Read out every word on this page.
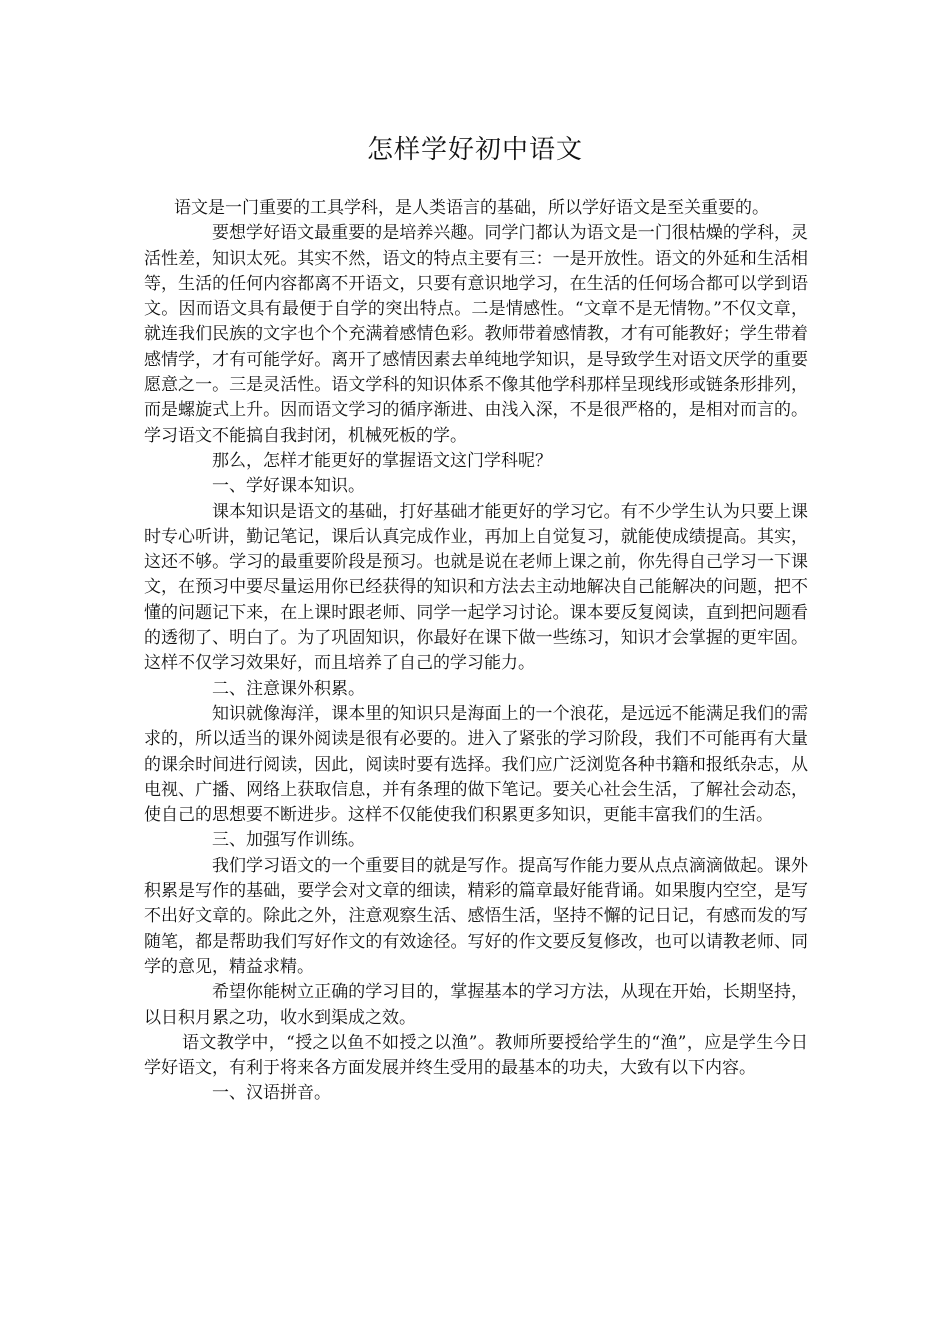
怎样学好初中语文

语文是一门重要的工具学科，是人类语言的基础，所以学好语文是至关重要的。

要想学好语文最重要的是培养兴趣。同学门都认为语文是一门很枯燥的学科，灵活性差，知识太死。其实不然，语文的特点主要有三：一是开放性。语文的外延和生活相等，生活的任何内容都离不开语文，只要有意识地学习，在生活的任何场合都可以学到语文。因而语文具有最便于自学的突出特点。二是情感性。“文章不是无情物。”不仅文章，就连我们民族的文字也个个充满着感情色彩。教师带着感情教，才有可能教好；学生带着感情学，才有可能学好。离开了感情因素去单纯地学知识，是导致学生对语文厌学的重要愿意之一。三是灵活性。语文学科的知识体系不像其他学科那样呈现线形或链条形排列，而是螺旋式上升。因而语文学习的循序渐进、由浅入深，不是很严格的，是相对而言的。学习语文不能搞自我封闭，机械死板的学。

那么，怎样才能更好的掌握语文这门学科呢？

一、学好课本知识。

课本知识是语文的基础，打好基础才能更好的学习它。有不少学生认为只要上课时专心听讲，勤记笔记，课后认真完成作业，再加上自觉复习，就能使成绩提高。其实，这还不够。学习的最重要阶段是预习。也就是说在老师上课之前，你先得自己学习一下课文，在预习中要尽量运用你已经获得的知识和方法去主动地解决自己能解决的问题，把不懂的问题记下来，在上课时跟老师、同学一起学习讨论。课本要反复阅读，直到把问题看的透彻了、明白了。为了巩固知识，你最好在课下做一些练习，知识才会掌握的更牢固。这样不仅学习效果好，而且培养了自己的学习能力。

二、注意课外积累。

知识就像海洋，课本里的知识只是海面上的一个浪花，是远远不能满足我们的需求的，所以适当的课外阅读是很有必要的。进入了紧张的学习阶段，我们不可能再有大量的课余时间进行阅读，因此，阅读时要有选择。我们应广泛浏览各种书籍和报纸杂志，从电视、广播、网络上获取信息，并有条理的做下笔记。要关心社会生活，了解社会动态，使自己的思想要不断进步。这样不仅能使我们积累更多知识，更能丰富我们的生活。

三、加强写作训练。

我们学习语文的一个重要目的就是写作。提高写作能力要从点点滴滴做起。课外积累是写作的基础，要学会对文章的细读，精彩的篇章最好能背诵。如果腹内空空，是写不出好文章的。除此之外，注意观察生活、感悟生活，坚持不懈的记日记，有感而发的写随笔，都是帮助我们写好作文的有效途径。写好的作文要反复修改，也可以请教老师、同学的意见，精益求精。

希望你能树立正确的学习目的，掌握基本的学习方法，从现在开始，长期坚持，以日积月累之功，收水到渠成之效。

语文教学中，“授之以鱼不如授之以渔”。教师所要授给学生的“渔”，应是学生今日学好语文，有利于将来各方面发展并终生受用的最基本的功夫，大致有以下内容。

一、汉语拼音。
